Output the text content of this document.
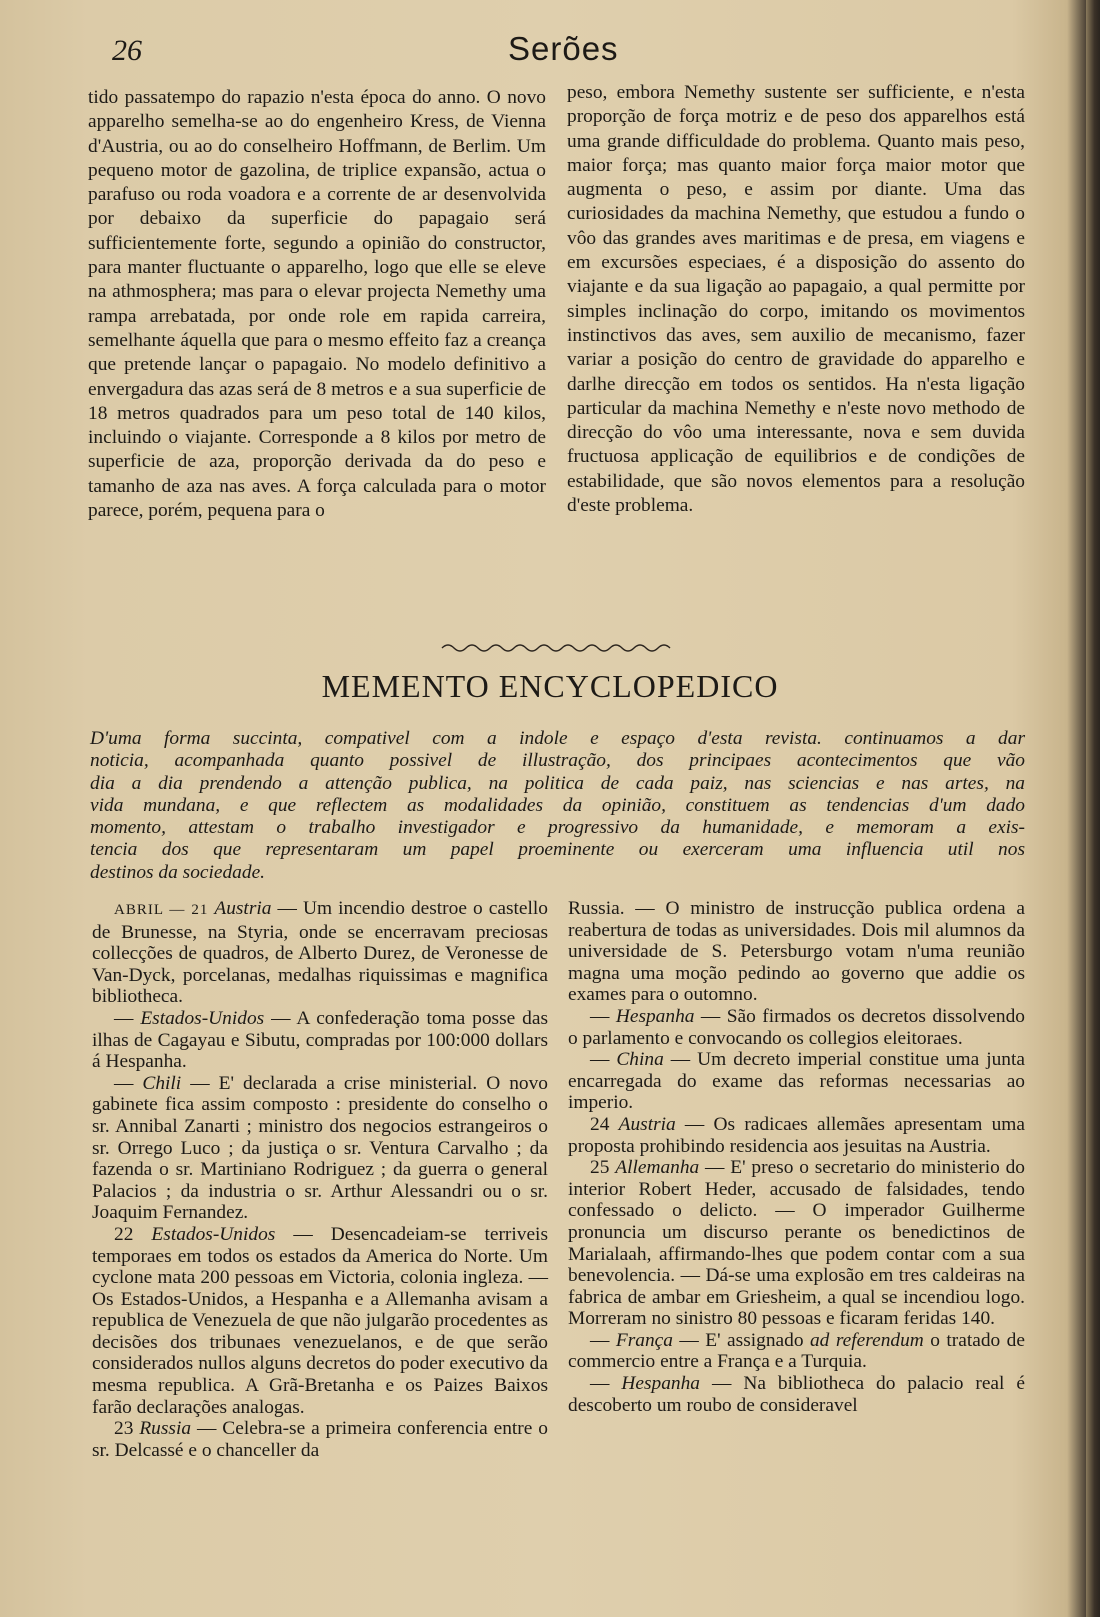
26	Serões

tido passatempo do rapazio n'esta época do anno. O novo apparelho semelha-se ao do engenheiro Kress, de Vienna d'Austria, ou ao do conselheiro Hoffmann, de Berlim. Um pequeno motor de gazolina, de triplice expansão, actua o parafuso ou roda voadora e a corrente de ar desenvolvida por debaixo da superficie do papagaio será sufficientemente forte, segundo a opinião do constructor, para manter fluctuante o apparelho, logo que elle se eleve na athmosphera; mas para o elevar projecta Nemethy uma rampa arrebatada, por onde role em rapida carreira, semelhante áquella que para o mesmo effeito faz a creança que pretende lançar o papagaio. No modelo definitivo a envergadura das azas será de 8 metros e a sua superficie de 18 metros quadrados para um peso total de 140 kilos, incluindo o viajante. Corresponde a 8 kilos por metro de superficie de aza, proporção derivada da do peso e tamanho de aza nas aves. A força calculada para o motor parece, porém, pequena para o

peso, embora Nemethy sustente ser sufficiente, e n'esta proporção de força motriz e de peso dos apparelhos está uma grande difficuldade do problema. Quanto mais peso, maior força; mas quanto maior força maior motor que augmenta o peso, e assim por diante. Uma das curiosidades da machina Nemethy, que estudou a fundo o vôo das grandes aves maritimas e de presa, em viagens e em excursões especiaes, é a disposição do assento do viajante e da sua ligação ao papagaio, a qual permitte por simples inclinação do corpo, imitando os movimentos instinctivos das aves, sem auxilio de mecanismo, fazer variar a posição do centro de gravidade do apparelho e darlhe direcção em todos os sentidos. Ha n'esta ligação particular da machina Nemethy e n'este novo methodo de direcção do vôo uma interessante, nova e sem duvida fructuosa applicação de equilibrios e de condições de estabilidade, que são novos elementos para a resolução d'este problema.

MEMENTO ENCYCLOPEDICO
D'uma forma succinta, compativel com a indole e espaço d'esta revista. continuamos a dar
noticia, acompanhada quanto possivel de illustração, dos principaes acontecimentos que vão
dia a dia prendendo a attenção publica, na politica de cada paiz, nas sciencias e nas artes, na
vida mundana, e que reflectem as modalidades da opinião, constituem as tendencias d'um dado
momento, attestam o trabalho investigador e progressivo da humanidade, e memoram a exis-
tencia dos que representaram um papel proeminente ou exerceram uma influencia util nos
destinos da sociedade.

ABRIL — 21 Austria — Um incendio destroe o castello de Brunesse, na Styria, onde se encerravam preciosas collecções de quadros, de Alberto Durez, de Veronesse de Van-Dyck, porcelanas, medalhas riquissimas e magnifica bibliotheca.

— Estados-Unidos — A confederação toma posse das ilhas de Cagayau e Sibutu, compradas por 100:000 dollars á Hespanha.

— Chili — E' declarada a crise ministerial. O novo gabinete fica assim composto : presidente do conselho o sr. Annibal Zanarti ; ministro dos negocios estrangeiros o sr. Orrego Luco ; da justiça o sr. Ventura Carvalho ; da fazenda o sr. Martiniano Rodriguez ; da guerra o general Palacios ; da industria o sr. Arthur Alessandri ou o sr. Joaquim Fernandez.

22 Estados-Unidos — Desencadeiam-se terriveis temporaes em todos os estados da America do Norte. Um cyclone mata 200 pessoas em Victoria, colonia ingleza. — Os Estados-Unidos, a Hespanha e a Allemanha avisam a republica de Venezuela de que não julgarão procedentes as decisões dos tribunaes venezuelanos, e de que serão considerados nullos alguns decretos do poder executivo da mesma republica. A Grã-Bretanha e os Paizes Baixos farão declarações analogas.

23 Russia — Celebra-se a primeira conferencia entre o sr. Delcassé e o chanceller da

Russia. — O ministro de instrucção publica ordena a reabertura de todas as universidades. Dois mil alumnos da universidade de S. Petersburgo votam n'uma reunião magna uma moção pedindo ao governo que addie os exames para o outomno.

— Hespanha — São firmados os decretos dissolvendo o parlamento e convocando os collegios eleitoraes.

— China — Um decreto imperial constitue uma junta encarregada do exame das reformas necessarias ao imperio.

24 Austria — Os radicaes allemães apresentam uma proposta prohibindo residencia aos jesuitas na Austria.

25 Allemanha — E' preso o secretario do ministerio do interior Robert Heder, accusado de falsidades, tendo confessado o delicto. — O imperador Guilherme pronuncia um discurso perante os benedictinos de Marialaah, affirmando-lhes que podem contar com a sua benevolencia. — Dá-se uma explosão em tres caldeiras na fabrica de ambar em Griesheim, a qual se incendiou logo. Morreram no sinistro 80 pessoas e ficaram feridas 140.

— França — E' assignado ad referendum o tratado de commercio entre a França e a Turquia.

— Hespanha — Na bibliotheca do palacio real é descoberto um roubo de consideravel
